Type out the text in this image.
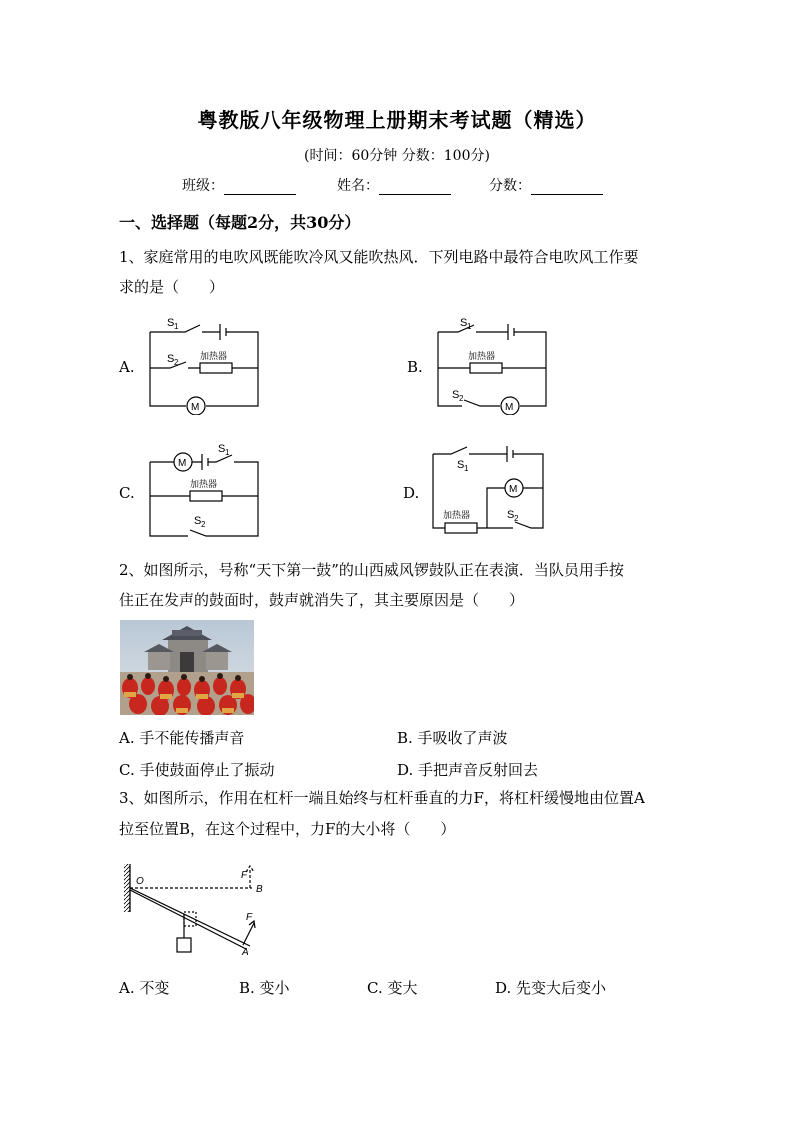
粤教版八年级物理上册期末考试题（精选）
(时间：60分钟 分数：100分)
班级：	姓名：	分数：
一、选择题（每题2分，共30分）
1、家庭常用的电吹风既能吹冷风又能吹热风．下列电路中最符合电吹风工作要
求的是（　　）
A.	B.
C.	D.
S 1
S 2
加热器
M
S 1
加热器
S 2
M
M
S 1
加热器
S 2
S 1
M
加热器	S 2
2、如图所示，号称“天下第一鼓”的山西威风锣鼓队正在表演．当队员用手按
住正在发声的鼓面时，鼓声就消失了，其主要原因是（　　）
A. 手不能传播声音	B. 手吸收了声波
C. 手使鼓面停止了振动	D. 手把声音反射回去
3、如图所示，作用在杠杆一端且始终与杠杆垂直的力F，将杠杆缓慢地由位置A
拉至位置B，在这个过程中，力F的大小将（　　）
O
F
B
F
A
A. 不变	B. 变小	C. 变大	D. 先变大后变小
